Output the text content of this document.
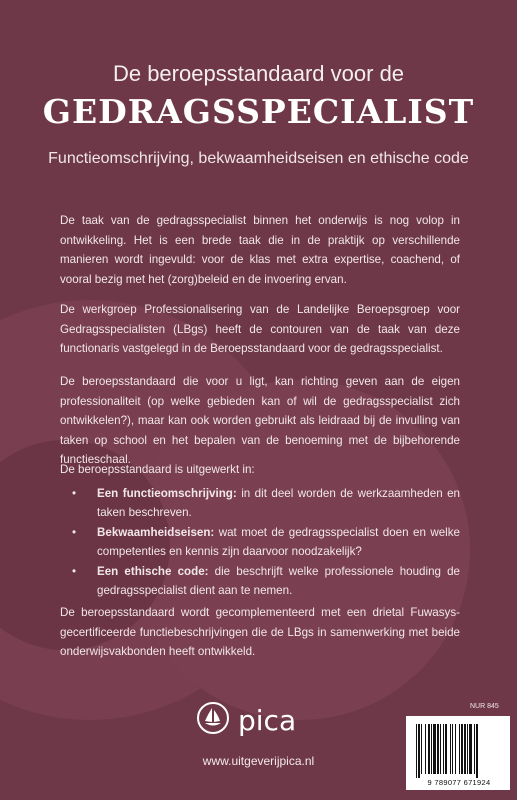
De beroepsstandaard voor de
GEDRAGSSPECIALIST
Functieomschrijving, bekwaamheidseisen en ethische code

De taak van de gedragsspecialist binnen het onderwijs is nog volop in ontwikkeling. Het is een brede taak die in de praktijk op verschillende manieren wordt ingevuld: voor de klas met extra expertise, coachend, of vooral bezig met het (zorg)beleid en de invoering ervan.

De werkgroep Professionalisering van de Landelijke Beroepsgroep voor Gedragsspecialisten (LBgs) heeft de contouren van de taak van deze functionaris vastgelegd in de Beroepsstandaard voor de gedragsspecialist.

De beroepsstandaard die voor u ligt, kan richting geven aan de eigen professionaliteit (op welke gebieden kan of wil de gedragsspecialist zich ontwikkelen?), maar kan ook worden gebruikt als leidraad bij de invulling van taken op school en het bepalen van de benoeming met de bijbehorende functieschaal.

De beroepsstandaard is uitgewerkt in:

• Een functieomschrijving: in dit deel worden de werkzaamheden en taken beschreven.
• Bekwaamheidseisen: wat moet de gedragsspecialist doen en welke competenties en kennis zijn daarvoor noodzakelijk?
• Een ethische code: die beschrijft welke professionele houding de gedragsspecialist dient aan te nemen.

De beroepsstandaard wordt gecomplementeerd met een drietal Fuwasys-gecertificeerde functiebeschrijvingen die de LBgs in samenwerking met beide onderwijsvakbonden heeft ontwikkeld.

pica
www.uitgeverijpica.nl
NUR 845
9 789077 671924
